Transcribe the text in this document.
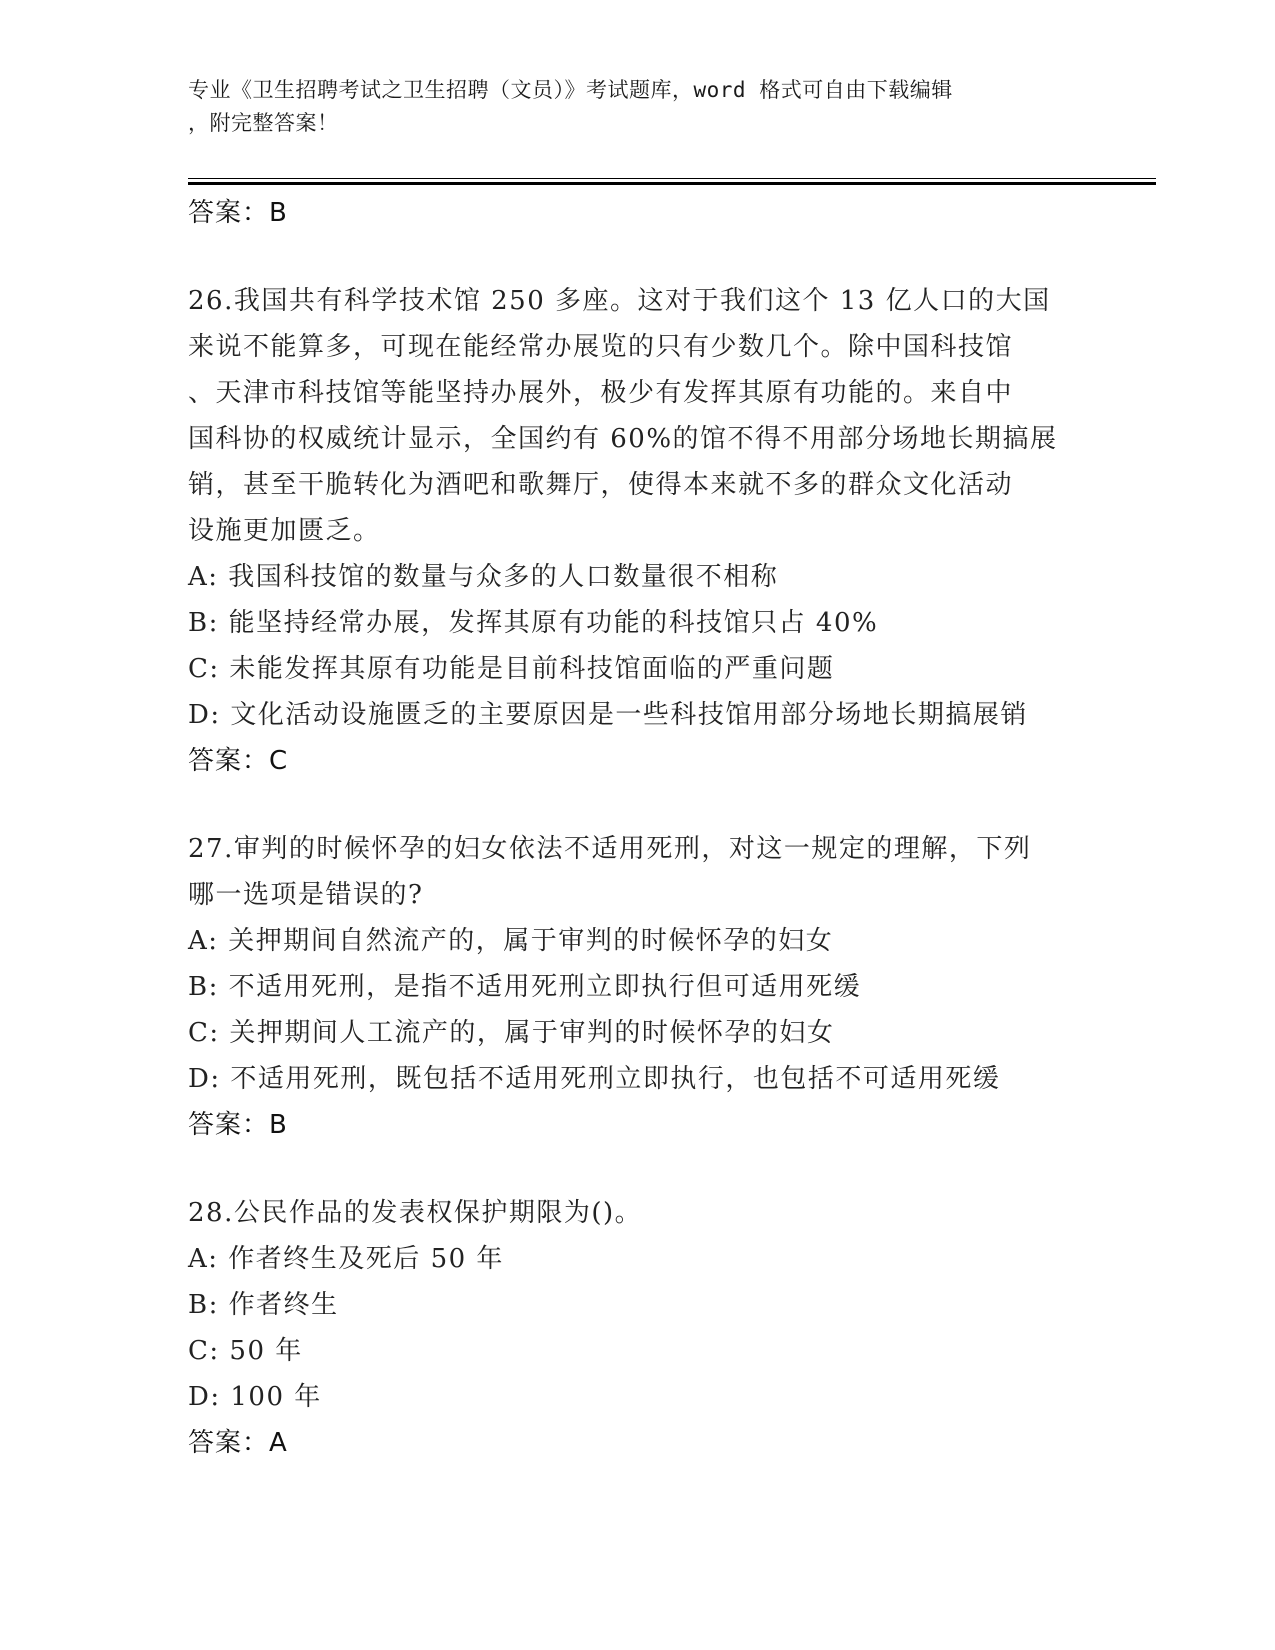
专业《卫生招聘考试之卫生招聘（文员）》考试题库，word 格式可自由下载编辑
，附完整答案！
答案：B
26.我国共有科学技术馆 250 多座。这对于我们这个 13 亿人口的大国
来说不能算多，可现在能经常办展览的只有少数几个。除中国科技馆
、天津市科技馆等能坚持办展外，极少有发挥其原有功能的。来自中
国科协的权威统计显示，全国约有 60%的馆不得不用部分场地长期搞展
销，甚至干脆转化为酒吧和歌舞厅，使得本来就不多的群众文化活动
设施更加匮乏。
A: 我国科技馆的数量与众多的人口数量很不相称
B: 能坚持经常办展，发挥其原有功能的科技馆只占 40%
C: 未能发挥其原有功能是目前科技馆面临的严重问题
D: 文化活动设施匮乏的主要原因是一些科技馆用部分场地长期搞展销
答案：C
27.审判的时候怀孕的妇女依法不适用死刑，对这一规定的理解，下列
哪一选项是错误的?
A: 关押期间自然流产的，属于审判的时候怀孕的妇女
B: 不适用死刑，是指不适用死刑立即执行但可适用死缓
C: 关押期间人工流产的，属于审判的时候怀孕的妇女
D: 不适用死刑，既包括不适用死刑立即执行，也包括不可适用死缓
答案：B
28.公民作品的发表权保护期限为()。
A: 作者终生及死后 50 年
B: 作者终生
C: 50 年
D: 100 年
答案：A
